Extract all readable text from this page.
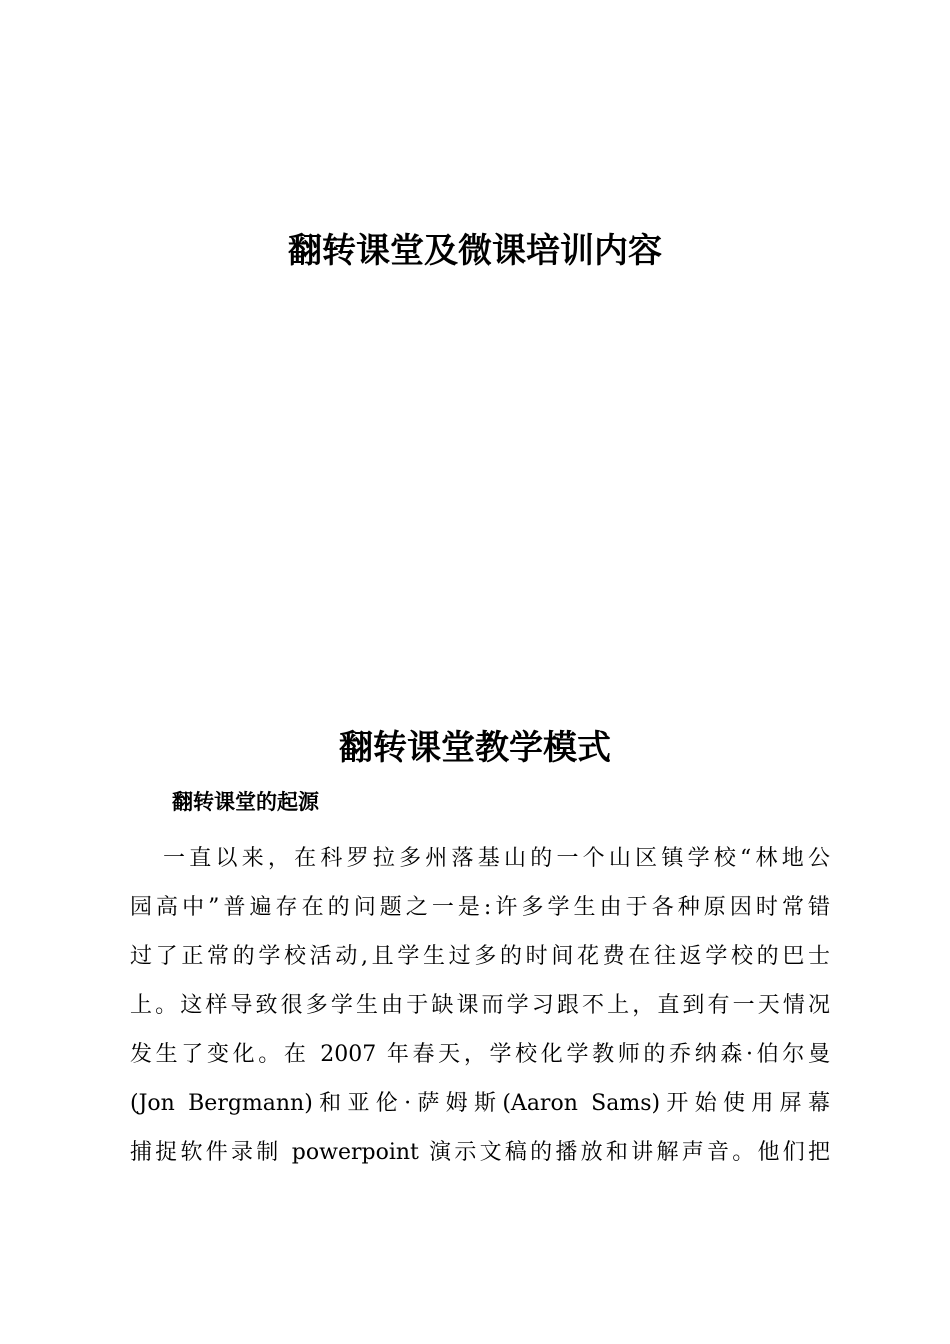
翻转课堂及微课培训内容
翻转课堂教学模式
翻转课堂的起源
一直以来，在科罗拉多州落基山的一个山区镇学校“林地公
园高中”普遍存在的问题之一是:许多学生由于各种原因时常错
过了正常的学校活动,且学生过多的时间花费在往返学校的巴士
上。这样导致很多学生由于缺课而学习跟不上，直到有一天情况
发生了变化。在 2007 年春天，学校化学教师的乔纳森·伯尔曼
(Jon Bergmann)和亚伦·萨姆斯(Aaron Sams)开始使用屏幕
捕捉软件录制 powerpoint 演示文稿的播放和讲解声音。他们把
